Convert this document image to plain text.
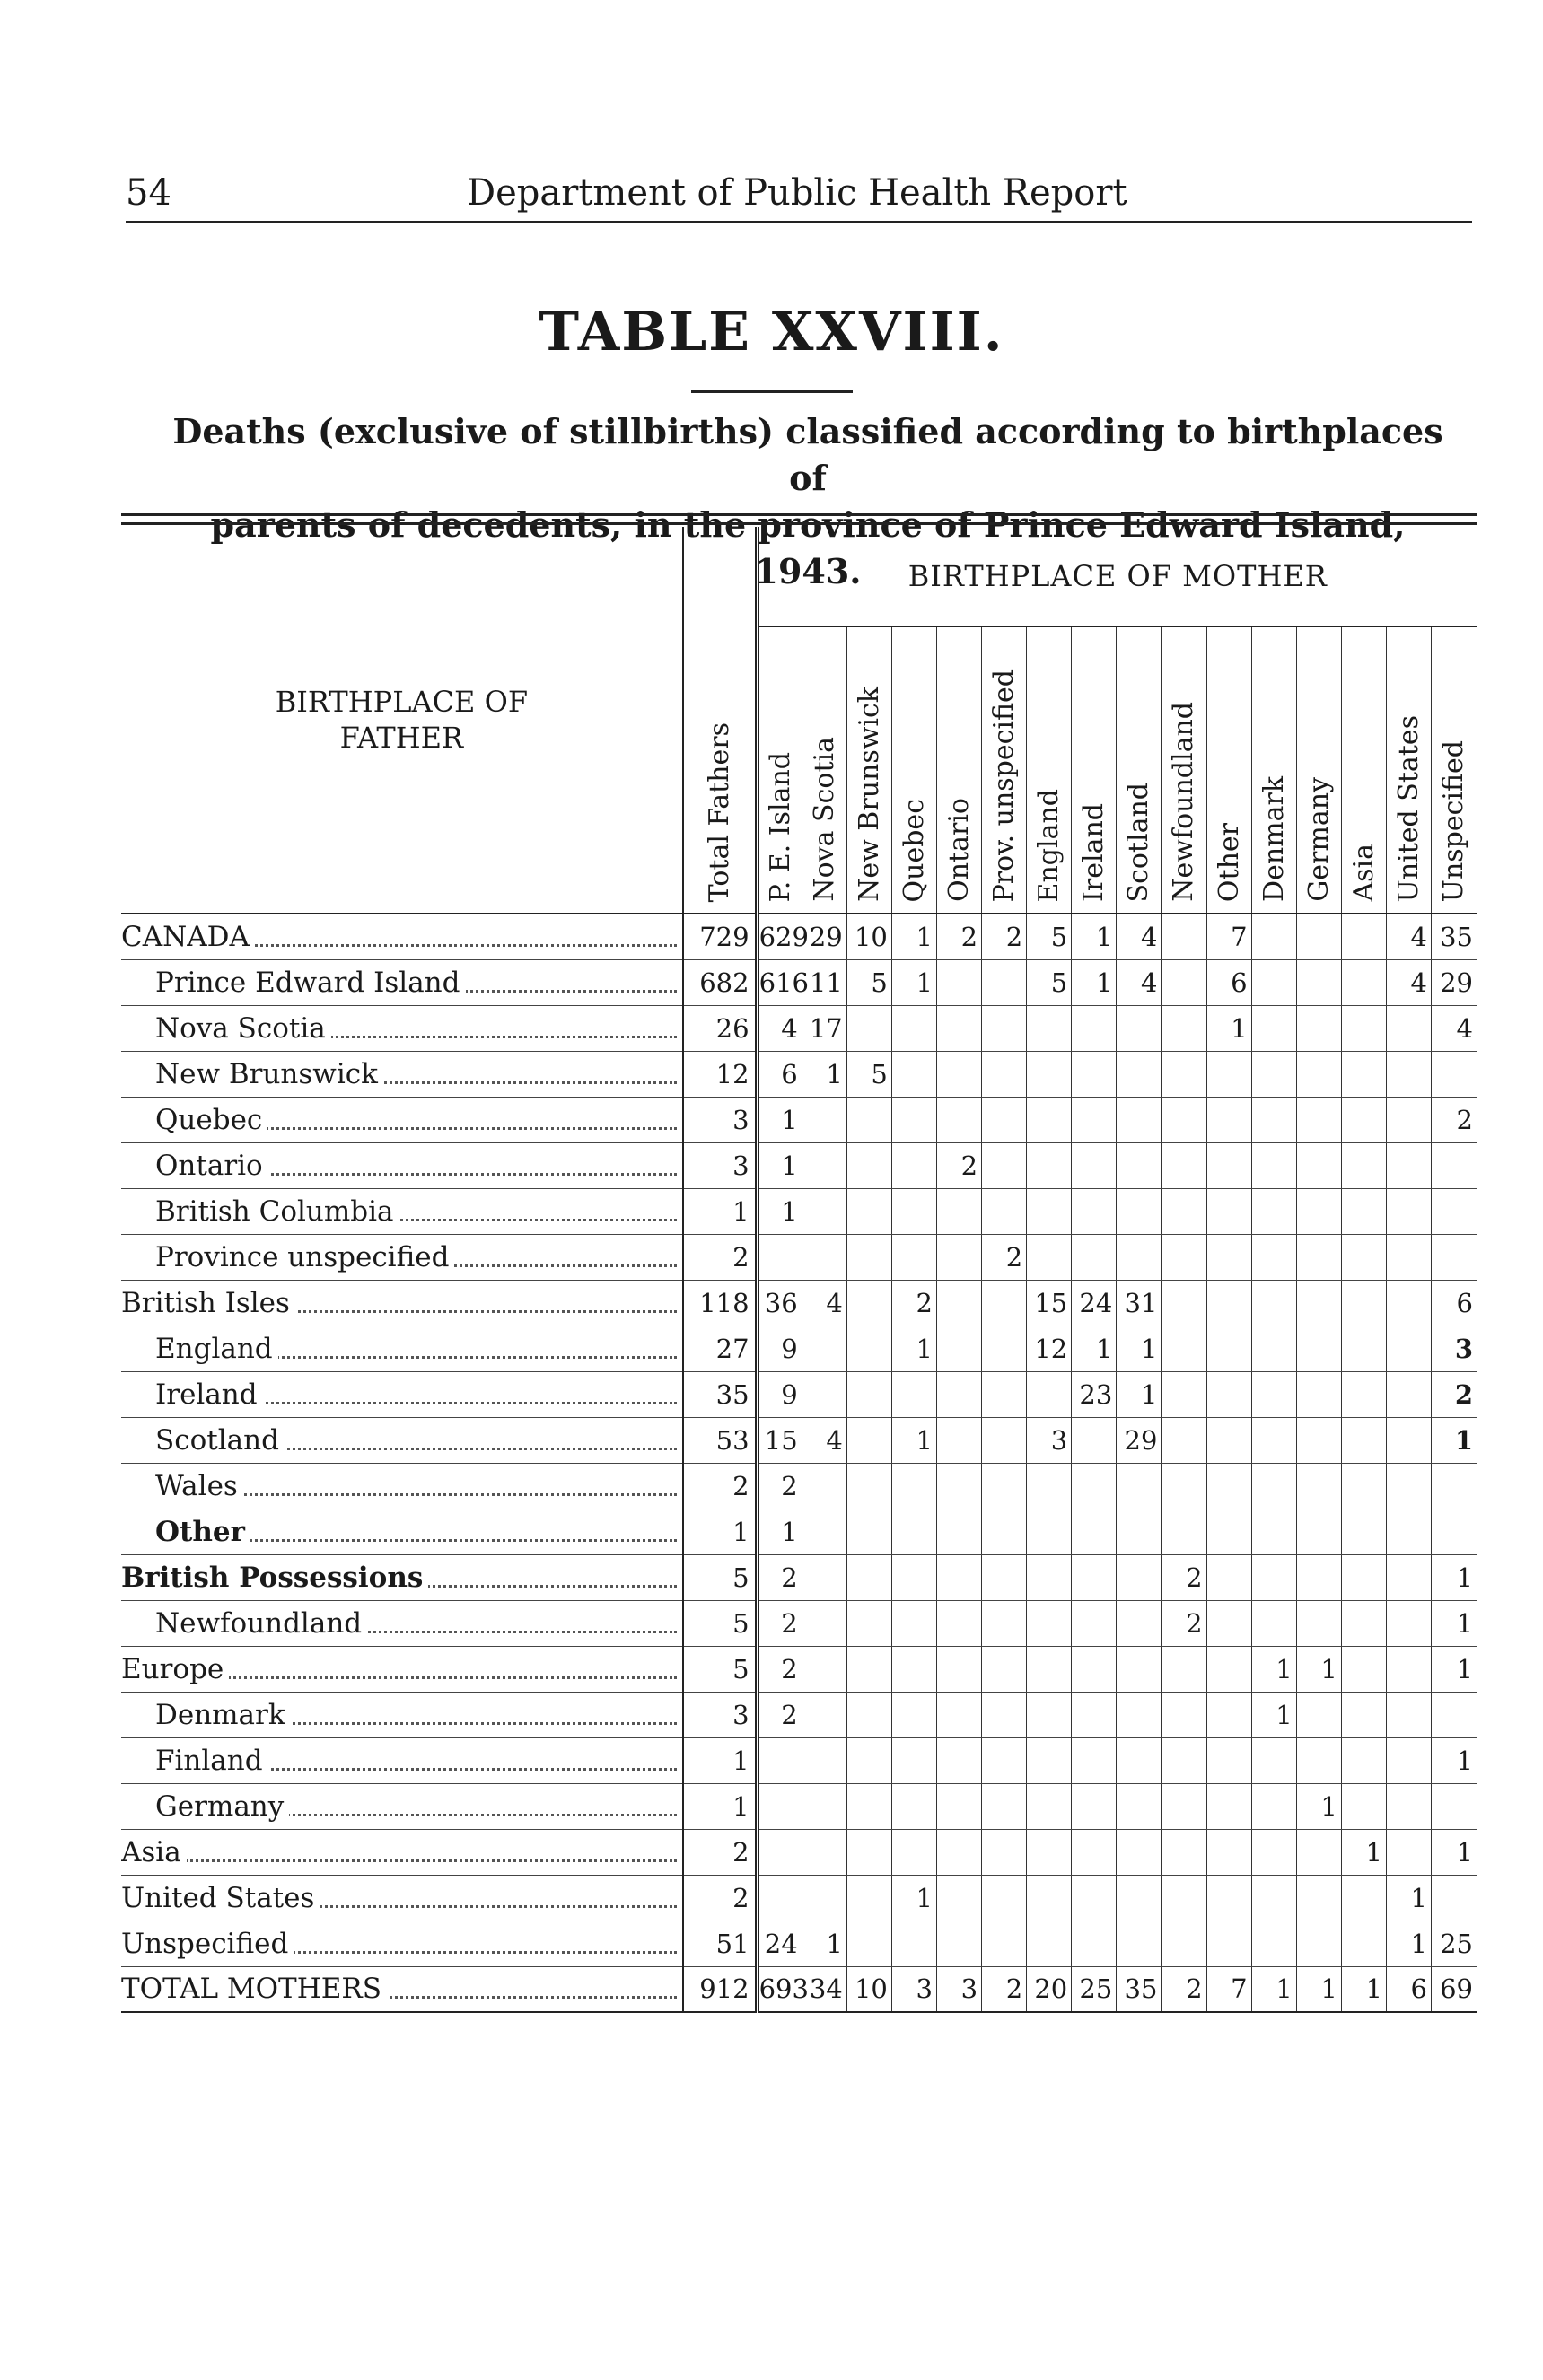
54	Department of Public Health Report
TABLE XXVIII.
Deaths (exclusive of stillbirths) classified according to birthplaces of
parents of decedents, in the province of Prince Edward Island, 1943.
BIRTHPLACE OF
FATHER	Total Fathers	BIRTHPLACE OF MOTHER															
		P. E. Island	Nova Scotia	New Brunswick	Quebec	Ontario	Prov. unspecified	England	Ireland	Scotland	Newfoundland	Other	Denmark	Germany	Asia	United States	Unspecified

CANADA	729	629	29	10	1	2	2	5	1	4		7				4	35

Prince Edward Island	682	616	11	5	1			5	1	4		6				4	29

Nova Scotia	26	4	17									1					4

New Brunswick	12	6	1	5													

Quebec	3	1															2

Ontario	3	1				2											

British Columbia	1	1															

Province unspecified	2						2										

British Isles	118	36	4		2			15	24	31							6

England	27	9			1			12	1	1							3

Ireland	35	9							23	1							2

Scotland	53	15	4		1			3		29							1

Wales	2	2															

Other	1	1															

British Possessions	5	2									2						1

Newfoundland	5	2									2						1

Europe	5	2											1	1			1

Denmark	3	2											1				

Finland	1																1

Germany	1													1			

Asia	2														1		1

United States	2				1											1	

Unspecified	51	24	1													1	25

TOTAL MOTHERS	912	693	34	10	3	3	2	20	25	35	2	7	1	1	1	6	69
